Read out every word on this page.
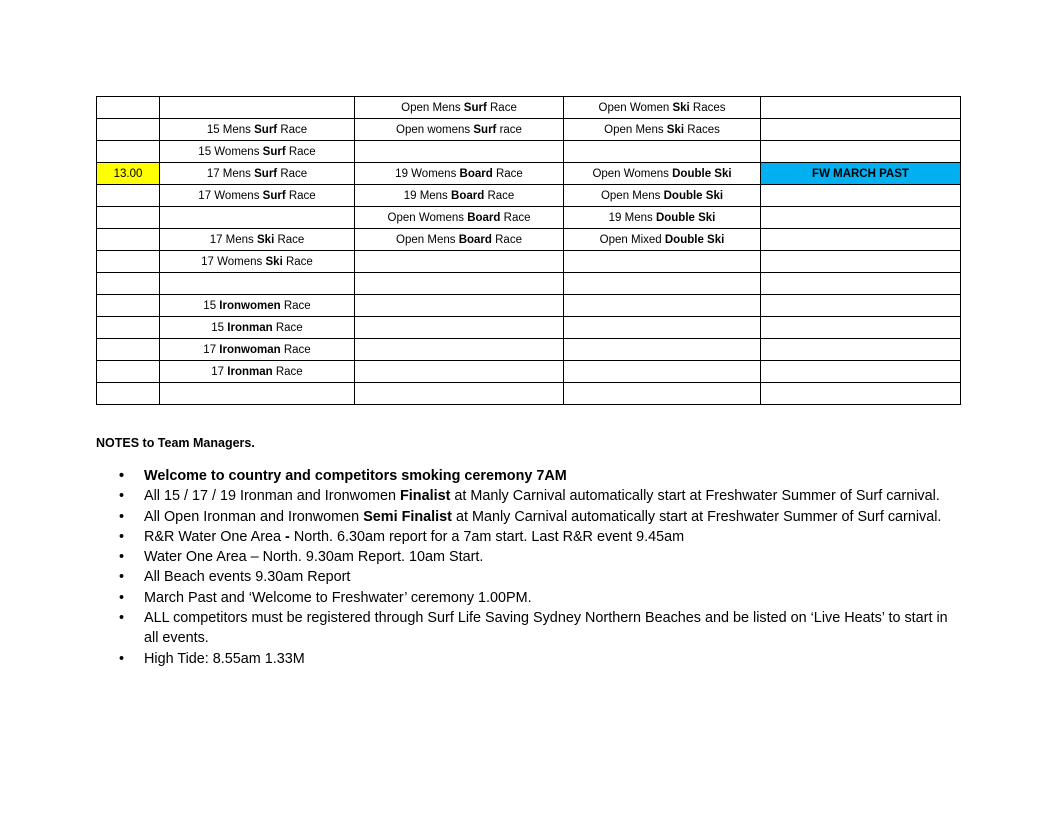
		Open Mens Surf Race	Open Women Ski Races	
	15 Mens Surf Race	Open womens Surf race	Open Mens Ski Races	
	15 Womens Surf Race			
13.00	17 Mens Surf Race	19 Womens Board Race	Open Womens Double Ski	FW MARCH PAST
	17 Womens Surf Race	19 Mens Board Race	Open Mens Double Ski	
		Open Womens Board Race	19 Mens Double Ski	
	17 Mens Ski Race	Open Mens Board Race	Open Mixed Double Ski	
	17 Womens Ski Race			

	15 Ironwomen Race			
	15 Ironman Race			
	17 Ironwoman Race			
	17 Ironman Race			

NOTES to Team Managers.
• Welcome to country and competitors smoking ceremony 7AM
• All 15 / 17 / 19 Ironman and Ironwomen Finalist at Manly Carnival automatically start at Freshwater Summer of Surf carnival.
• All Open Ironman and Ironwomen Semi Finalist at Manly Carnival automatically start at Freshwater Summer of Surf carnival.
• R&R Water One Area - North. 6.30am report for a 7am start. Last R&R event 9.45am
• Water One Area – North. 9.30am Report. 10am Start.
• All Beach events 9.30am Report
• March Past and ‘Welcome to Freshwater’ ceremony 1.00PM.
• ALL competitors must be registered through Surf Life Saving Sydney Northern Beaches and be listed on ‘Live Heats’ to start in all events.
• High Tide: 8.55am 1.33M
